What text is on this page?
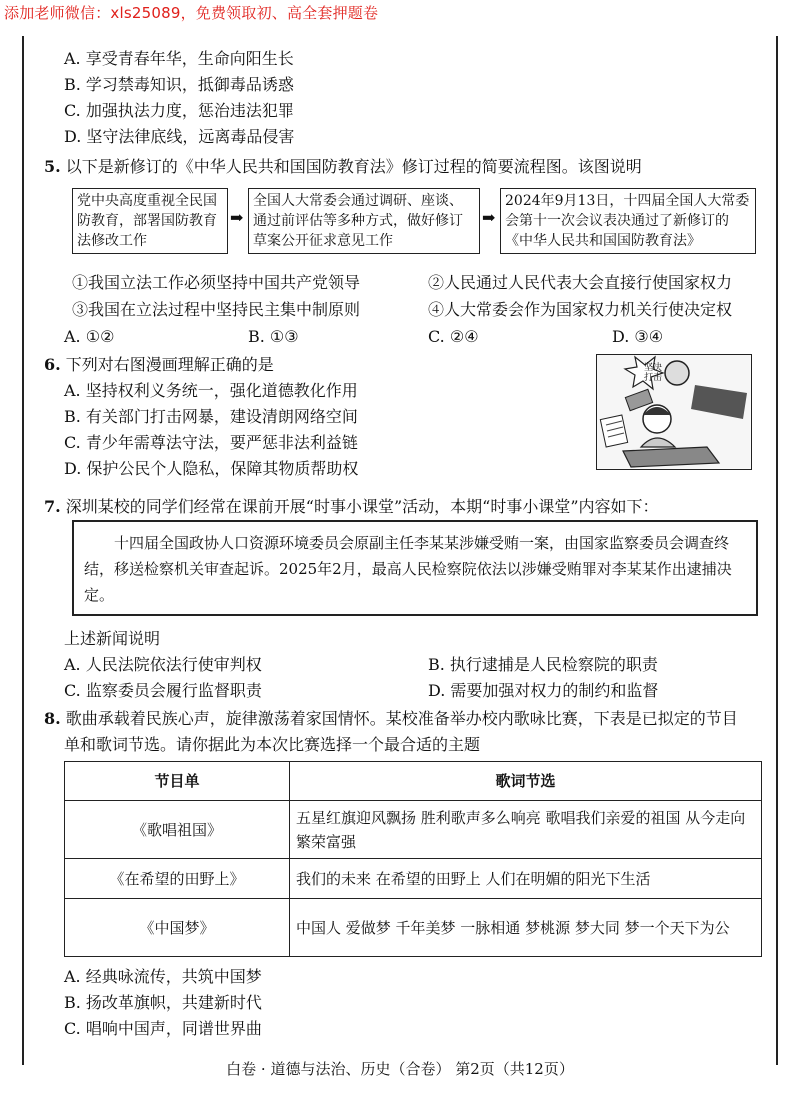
添加老师微信：xls25089，免费领取初、高全套押题卷
A. 享受青春年华，生命向阳生长
B. 学习禁毒知识，抵御毒品诱惑
C. 加强执法力度，惩治违法犯罪
D. 坚守法律底线，远离毒品侵害
5. 以下是新修订的《中华人民共和国国防教育法》修订过程的简要流程图。该图说明
党中央高度重视全民国防教育，部署国防教育法修改工作
➡
全国人大常委会通过调研、座谈、通过前评估等多种方式，做好修订草案公开征求意见工作
➡
2024年9月13日，十四届全国人大常委会第十一次会议表决通过了新修订的《中华人民共和国国防教育法》
①我国立法工作必须坚持中国共产党领导	②人民通过人民代表大会直接行使国家权力
③我国在立法过程中坚持民主集中制原则	④人大常委会作为国家权力机关行使决定权
A. ①②	B. ①③	C. ②④	D. ③④
6. 下列对右图漫画理解正确的是
A. 坚持权利义务统一，强化道德教化作用
B. 有关部门打击网暴，建设清朗网络空间
C. 青少年需尊法守法，要严惩非法利益链
D. 保护公民个人隐私，保障其物质帮助权
坚决打击
7. 深圳某校的同学们经常在课前开展“时事小课堂”活动，本期“时事小课堂”内容如下：
十四届全国政协人口资源环境委员会原副主任李某某涉嫌受贿一案，由国家监察委员会调查终结，移送检察机关审查起诉。2025年2月，最高人民检察院依法以涉嫌受贿罪对李某某作出逮捕决定。
上述新闻说明
A. 人民法院依法行使审判权	B. 执行逮捕是人民检察院的职责
C. 监察委员会履行监督职责	D. 需要加强对权力的制约和监督
8. 歌曲承载着民族心声，旋律激荡着家国情怀。某校准备举办校内歌咏比赛，下表是已拟定的节目
单和歌词节选。请你据此为本次比赛选择一个最合适的主题
节目单	歌词节选
《歌唱祖国》	五星红旗迎风飘扬 胜利歌声多么响亮 歌唱我们亲爱的祖国 从今走向繁荣富强
《在希望的田野上》	我们的未来 在希望的田野上 人们在明媚的阳光下生活
《中国梦》	中国人 爱做梦 千年美梦 一脉相通 梦桃源 梦大同 梦一个天下为公
A. 经典咏流传，共筑中国梦
B. 扬改革旗帜，共建新时代
C. 唱响中国声，同谱世界曲
白卷 · 道德与法治、历史（合卷） 第2页（共12页）
